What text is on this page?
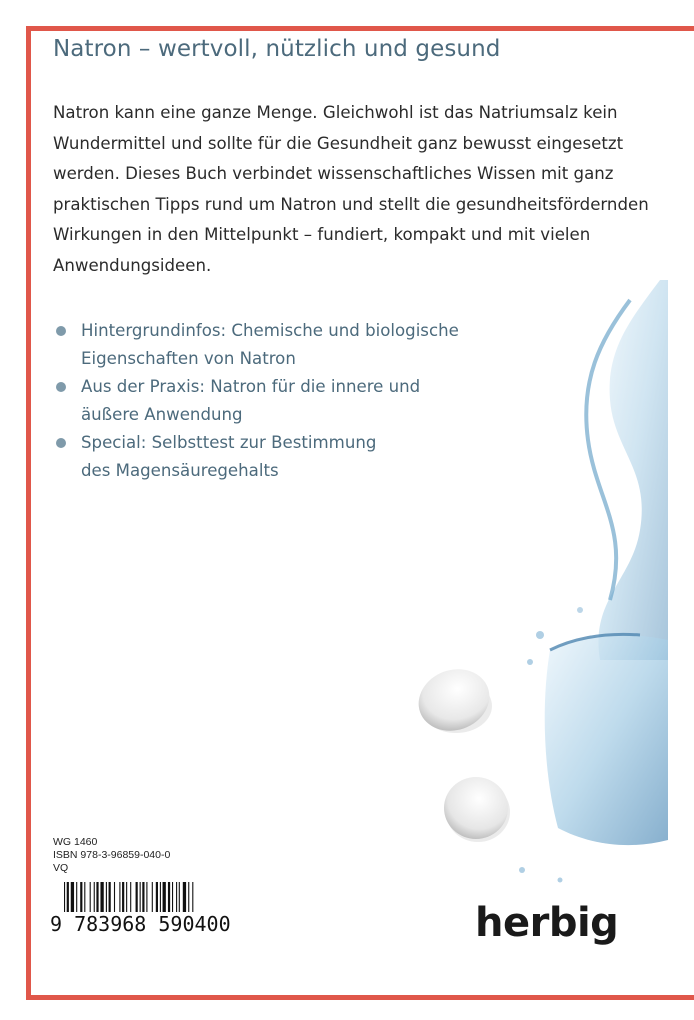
Natron – wertvoll, nützlich und gesund

Natron kann eine ganze Menge. Gleichwohl ist das Natriumsalz kein Wundermittel und sollte für die Gesundheit ganz bewusst eingesetzt werden. Dieses Buch verbindet wissenschaftliches Wissen mit ganz praktischen Tipps rund um Natron und stellt die gesundheitsfördernden Wirkungen in den Mittelpunkt – fundiert, kompakt und mit vielen Anwendungsideen.

Hintergrundinfos: Chemische und biologische
Eigenschaften von Natron
Aus der Praxis: Natron für die innere und
äußere Anwendung
Special: Selbsttest zur Bestimmung
des Magensäuregehalts
WG 1460
ISBN 978-3-96859-040-0
VQ
9 783968 590400	herbig
